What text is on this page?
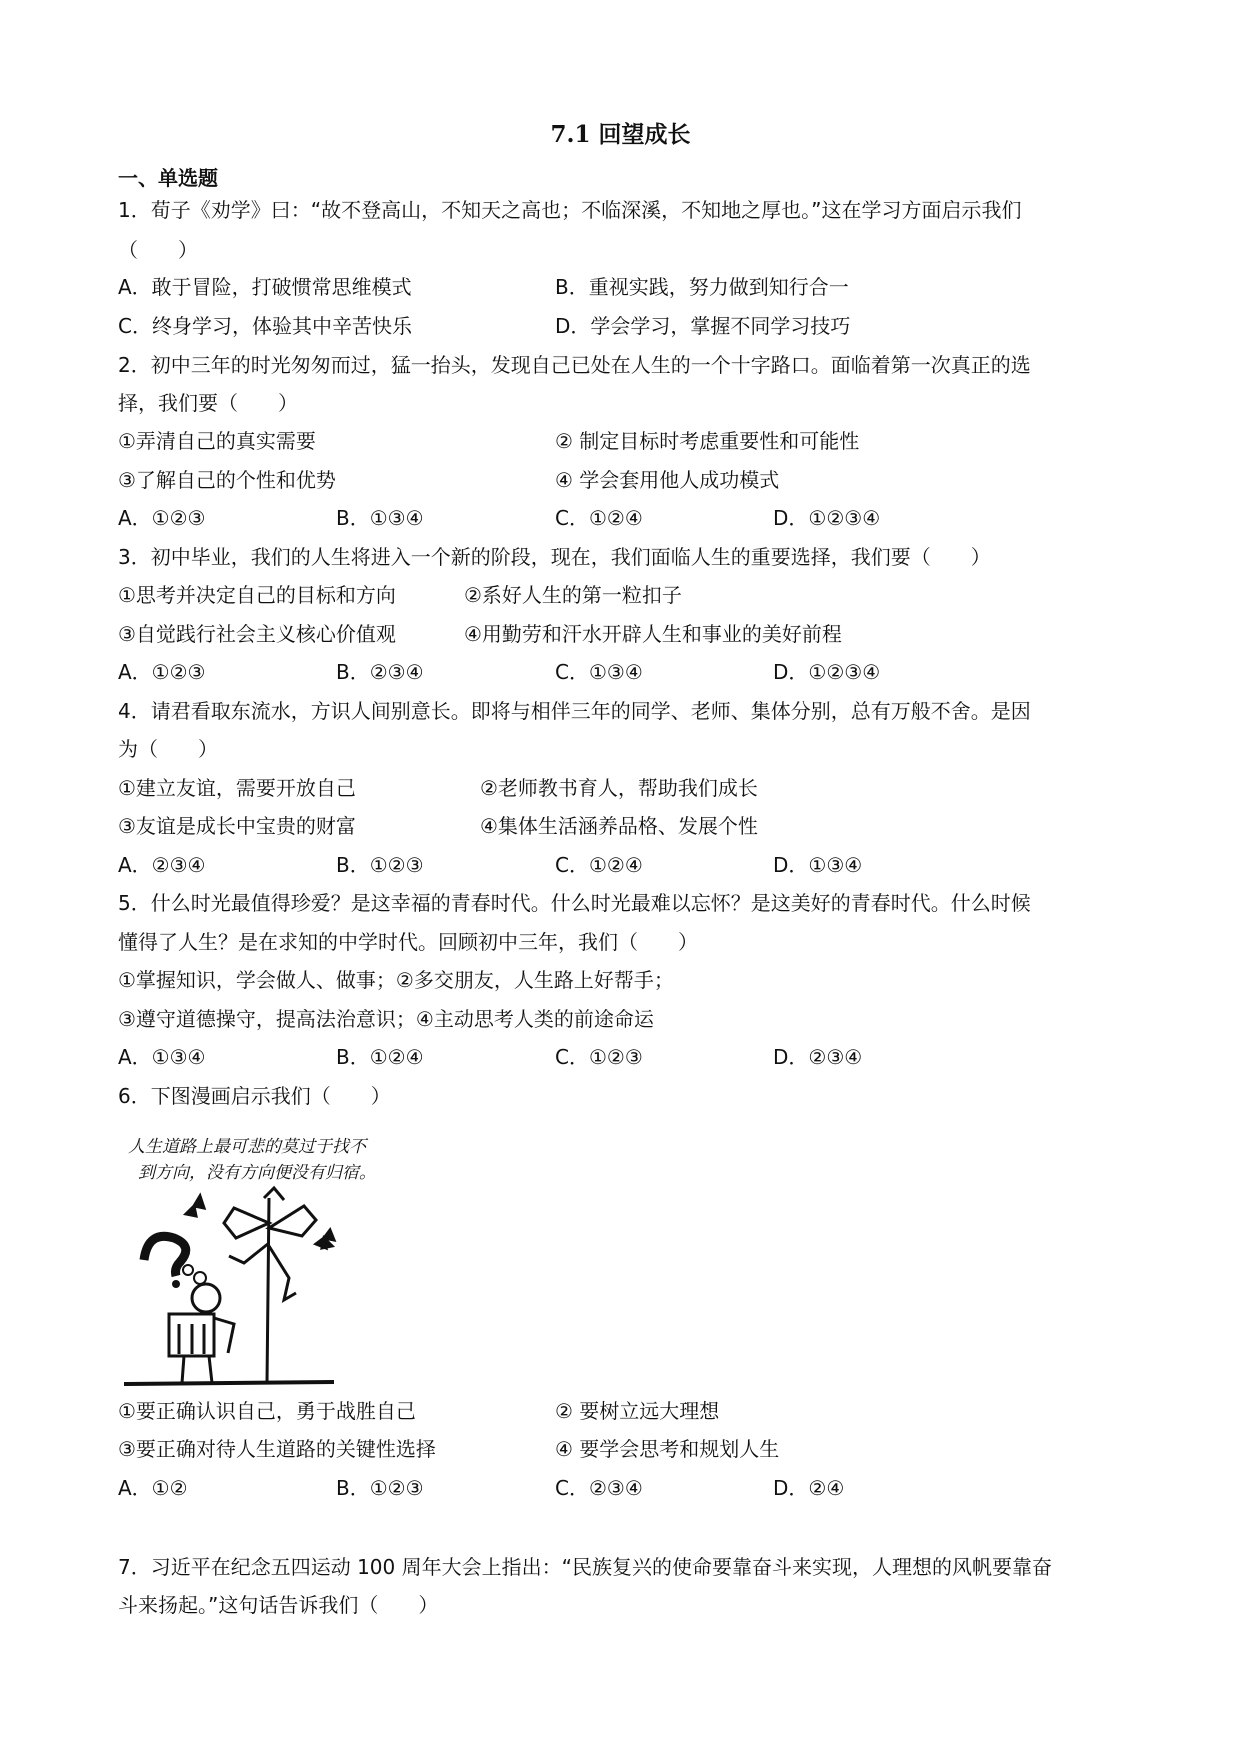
7.1 回望成长
一、单选题
1．荀子《劝学》曰：“故不登高山，不知天之高也；不临深溪，不知地之厚也。”这在学习方面启示我们
（　　）
A．敢于冒险，打破惯常思维模式	B．重视实践，努力做到知行合一
C．终身学习，体验其中辛苦快乐	D．学会学习，掌握不同学习技巧
2．初中三年的时光匆匆而过，猛一抬头，发现自己已处在人生的一个十字路口。面临着第一次真正的选
择，我们要（　　）
①弄清自己的真实需要	② 制定目标时考虑重要性和可能性
③了解自己的个性和优势	④ 学会套用他人成功模式
A．①②③	B．①③④	C．①②④	D．①②③④
3．初中毕业，我们的人生将进入一个新的阶段，现在，我们面临人生的重要选择，我们要（　　）
①思考并决定自己的目标和方向	②系好人生的第一粒扣子
③自觉践行社会主义核心价值观	④用勤劳和汗水开辟人生和事业的美好前程
A．①②③	B．②③④	C．①③④	D．①②③④
4．请君看取东流水，方识人间别意长。即将与相伴三年的同学、老师、集体分别，总有万般不舍。是因
为（　　）
①建立友谊，需要开放自己	②老师教书育人，帮助我们成长
③友谊是成长中宝贵的财富	④集体生活涵养品格、发展个性
A．②③④	B．①②③	C．①②④	D．①③④
5．什么时光最值得珍爱？是这幸福的青春时代。什么时光最难以忘怀？是这美好的青春时代。什么时候
懂得了人生？是在求知的中学时代。回顾初中三年，我们（　　）
①掌握知识，学会做人、做事；②多交朋友，人生路上好帮手；
③遵守道德操守，提高法治意识；④主动思考人类的前途命运
A．①③④	B．①②④	C．①②③	D．②③④
6．下图漫画启示我们（　　）
人生道路上最可悲的莫过于找不
到方向，没有方向便没有归宿。
①要正确认识自己，勇于战胜自己	② 要树立远大理想
③要正确对待人生道路的关键性选择	④ 要学会思考和规划人生
A．①②	B．①②③	C．②③④	D．②④
7．习近平在纪念五四运动 100 周年大会上指出：“民族复兴的使命要靠奋斗来实现，人理想的风帆要靠奋
斗来扬起。”这句话告诉我们（　　）
